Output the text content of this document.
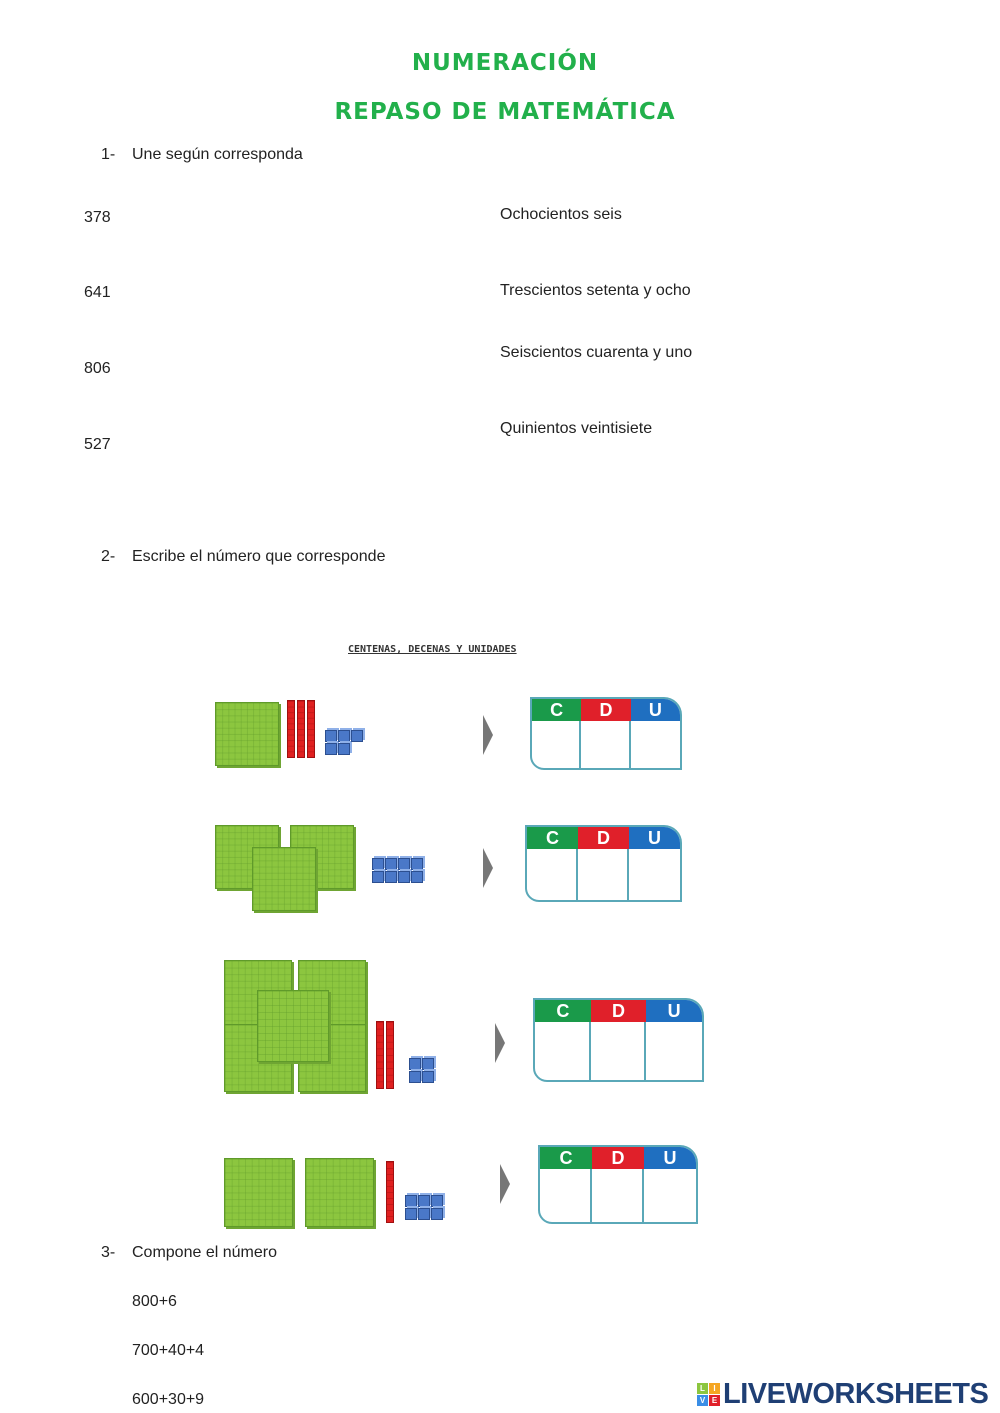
NUMERACIÓN
REPASO DE MATEMÁTICA
1- Une según corresponda
378
641
806
527
Ochocientos seis
Trescientos setenta y ocho
Seiscientos cuarenta y uno
Quinientos veintisiete
2- Escribe el número que corresponde
CENTENAS, DECENAS Y UNIDADES
C	D	U
C	D	U
C	D	U
C	D	U
3- Compone el número
800+6
700+40+4
600+30+9
L	I
V E LIVEWORKSHEETS
